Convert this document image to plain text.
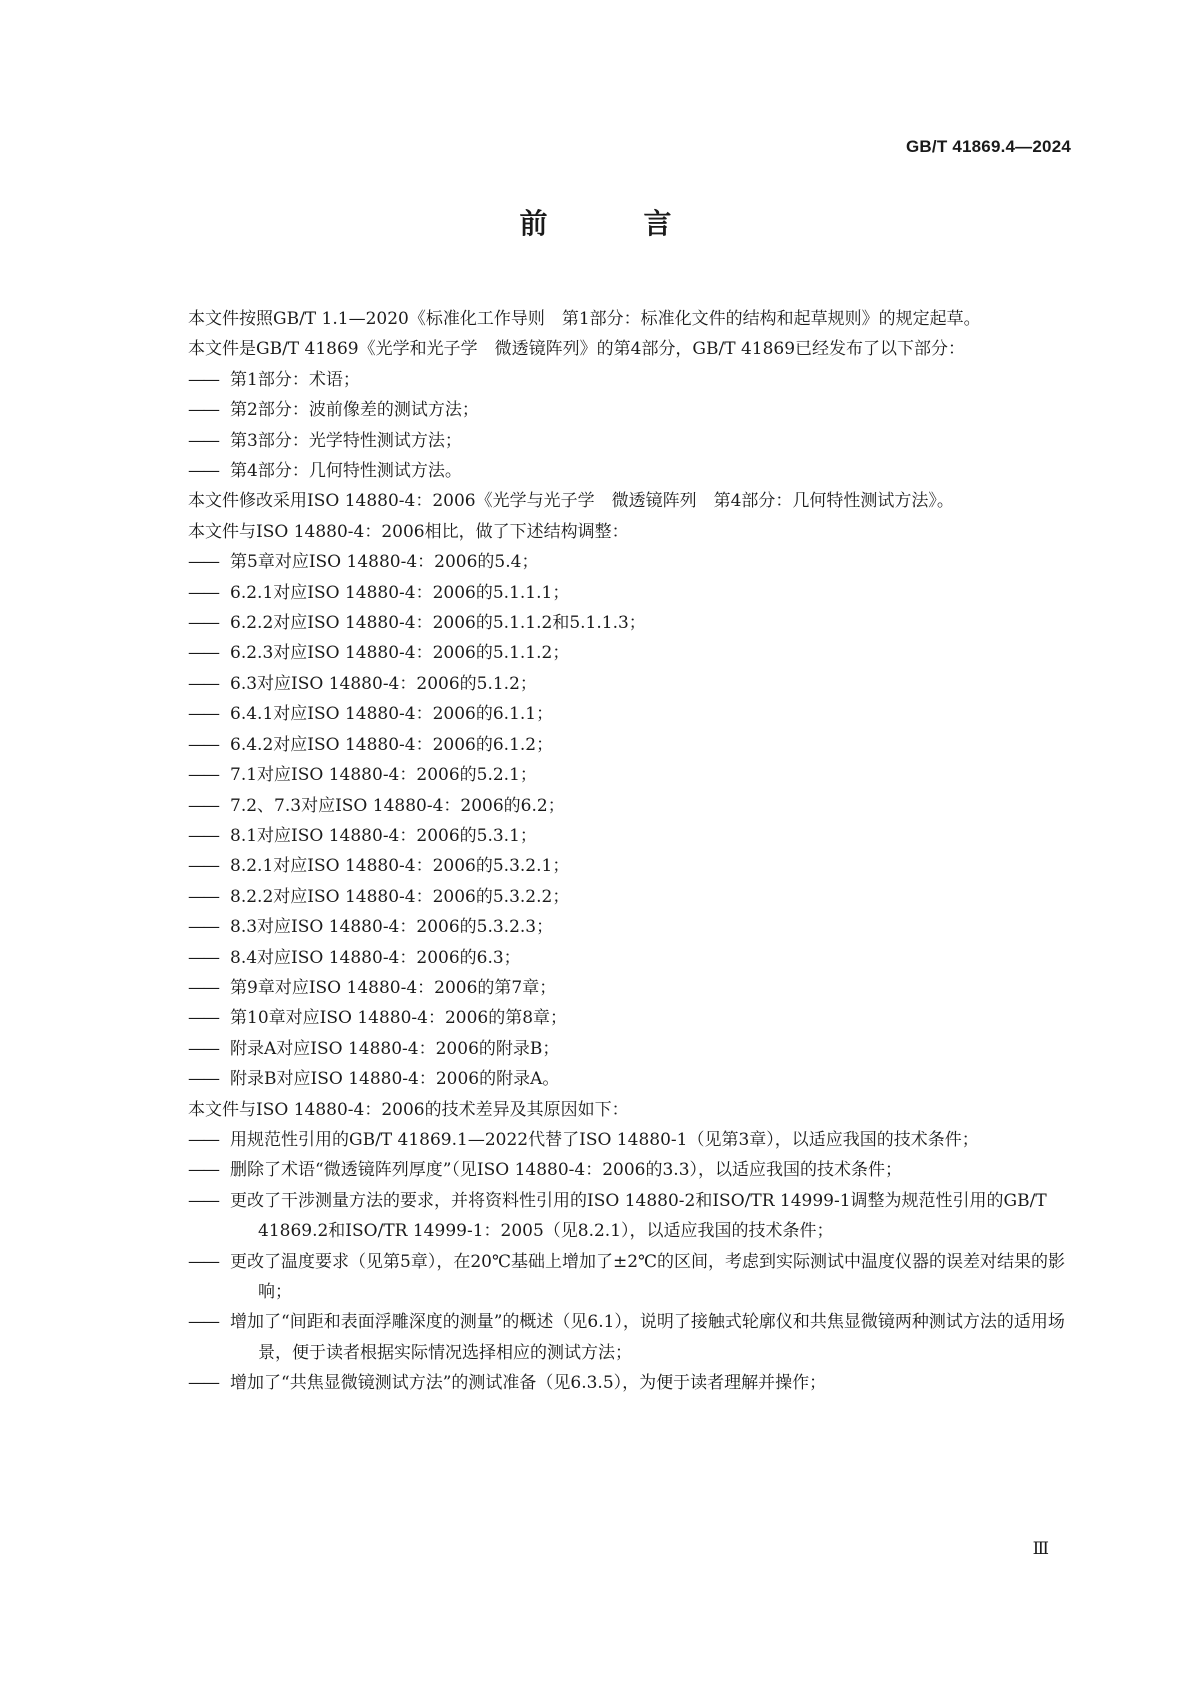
GB/T 41869.4—2024
前　言

本文件按照GB/T 1.1—2020《标准化工作导则　第1部分：标准化文件的结构和起草规则》的规定起草。

本文件是GB/T 41869《光学和光子学　微透镜阵列》的第4部分，GB/T 41869已经发布了以下部分：

—— 第1部分：术语；

—— 第2部分：波前像差的测试方法；

—— 第3部分：光学特性测试方法；

—— 第4部分：几何特性测试方法。

本文件修改采用ISO 14880-4：2006《光学与光子学　微透镜阵列　第4部分：几何特性测试方法》。

本文件与ISO 14880-4：2006相比，做了下述结构调整：

—— 第5章对应ISO 14880-4：2006的5.4；

—— 6.2.1对应ISO 14880-4：2006的5.1.1.1；

—— 6.2.2对应ISO 14880-4：2006的5.1.1.2和5.1.1.3；

—— 6.2.3对应ISO 14880-4：2006的5.1.1.2；

—— 6.3对应ISO 14880-4：2006的5.1.2；

—— 6.4.1对应ISO 14880-4：2006的6.1.1；

—— 6.4.2对应ISO 14880-4：2006的6.1.2；

—— 7.1对应ISO 14880-4：2006的5.2.1；

—— 7.2、7.3对应ISO 14880-4：2006的6.2；

—— 8.1对应ISO 14880-4：2006的5.3.1；

—— 8.2.1对应ISO 14880-4：2006的5.3.2.1；

—— 8.2.2对应ISO 14880-4：2006的5.3.2.2；

—— 8.3对应ISO 14880-4：2006的5.3.2.3；

—— 8.4对应ISO 14880-4：2006的6.3；

—— 第9章对应ISO 14880-4：2006的第7章；

—— 第10章对应ISO 14880-4：2006的第8章；

—— 附录A对应ISO 14880-4：2006的附录B；

—— 附录B对应ISO 14880-4：2006的附录A。

本文件与ISO 14880-4：2006的技术差异及其原因如下：

—— 用规范性引用的GB/T 41869.1—2022代替了ISO 14880-1（见第3章），以适应我国的技术条件；

—— 删除了术语“微透镜阵列厚度”（见ISO 14880-4：2006的3.3），以适应我国的技术条件；

—— 更改了干涉测量方法的要求，并将资料性引用的ISO 14880-2和ISO/TR 14999-1调整为规范性引用的GB/T 41869.2和ISO/TR 14999-1：2005（见8.2.1），以适应我国的技术条件；

—— 更改了温度要求（见第5章），在20℃基础上增加了±2℃的区间，考虑到实际测试中温度仪器的误差对结果的影响；

—— 增加了“间距和表面浮雕深度的测量”的概述（见6.1），说明了接触式轮廓仪和共焦显微镜两种测试方法的适用场景，便于读者根据实际情况选择相应的测试方法；

—— 增加了“共焦显微镜测试方法”的测试准备（见6.3.5），为便于读者理解并操作；

Ⅲ
